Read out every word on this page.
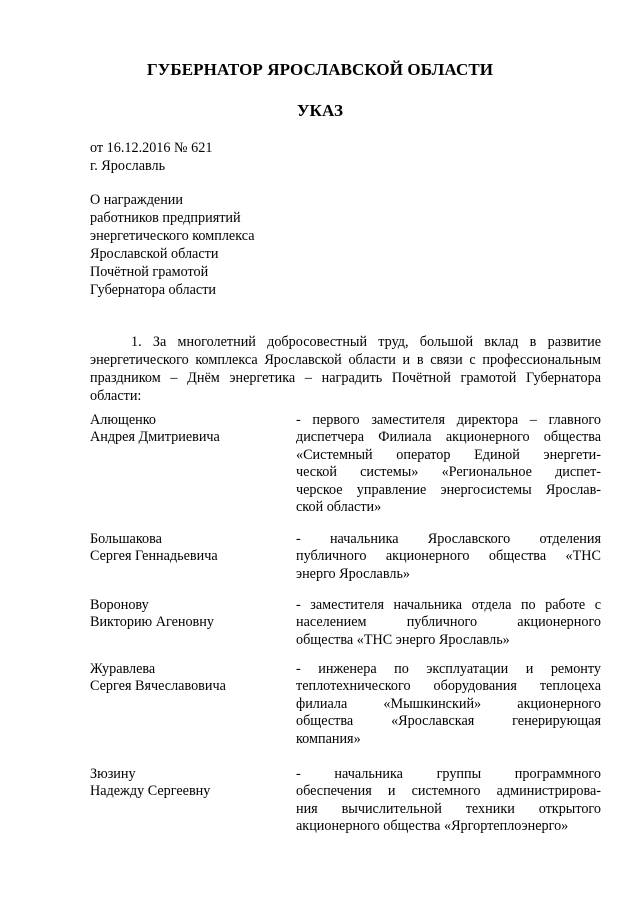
ГУБЕРНАТОР ЯРОСЛАВСКОЙ ОБЛАСТИ
УКАЗ
от 16.12.2016 № 621
г. Ярославль
О награждении
работников предприятий
энергетического комплекса
Ярославской области
Почётной грамотой
Губернатора области
1. За многолетний добросовестный труд, большой вклад в развитие энергетического комплекса Ярославской области и в связи с профессиональным праздником – Днём энергетика – наградить Почётной грамотой Губернатора области:
Алющенко
Андрея Дмитриевича
- первого заместителя директора – главного
диспетчера Филиала акционерного общества
«Системный оператор Единой энергети-
ческой системы» «Региональное диспет-
черское управление энергосистемы Ярослав-
ской области»
Большакова
Сергея Геннадьевича
- начальника Ярославского отделения
публичного акционерного общества «ТНС
энерго Ярославль»
Воронову
Викторию Агеновну
- заместителя начальника отдела по работе с
населением публичного акционерного
общества «ТНС энерго Ярославль»
Журавлева
Сергея Вячеславовича
- инженера по эксплуатации и ремонту
теплотехнического оборудования теплоцеха
филиала «Мышкинский» акционерного
общества «Ярославская генерирующая
компания»
Зюзину
Надежду Сергеевну
- начальника группы программного
обеспечения и системного администрирова-
ния вычислительной техники открытого
акционерного общества «Яргортеплоэнерго»
